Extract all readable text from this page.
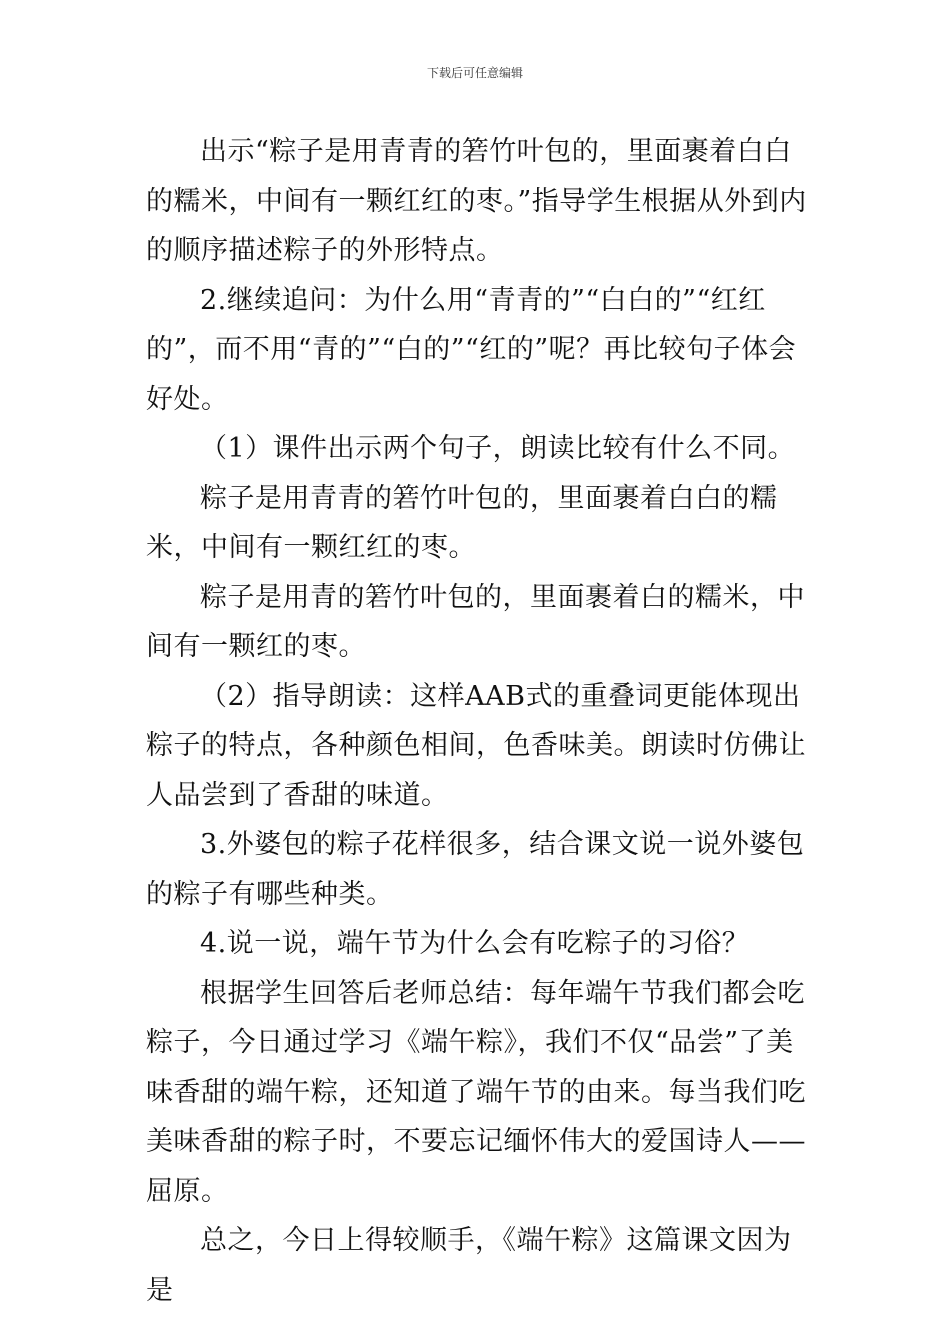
下载后可任意编辑

出示“粽子是用青青的箬竹叶包的，里面裹着白白的糯米，中间有一颗红红的枣。”指导学生根据从外到内的顺序描述粽子的外形特点。

2.继续追问：为什么用“青青的”“白白的”“红红的”，而不用“青的”“白的”“红的”呢？再比较句子体会好处。

（1）课件出示两个句子，朗读比较有什么不同。

粽子是用青青的箬竹叶包的，里面裹着白白的糯米，中间有一颗红红的枣。

粽子是用青的箬竹叶包的，里面裹着白的糯米，中间有一颗红的枣。

（2）指导朗读：这样AAB式的重叠词更能体现出粽子的特点，各种颜色相间，色香味美。朗读时仿佛让人品尝到了香甜的味道。

3.外婆包的粽子花样很多，结合课文说一说外婆包的粽子有哪些种类。

4.说一说，端午节为什么会有吃粽子的习俗？

根据学生回答后老师总结：每年端午节我们都会吃粽子，今日通过学习《端午粽》，我们不仅“品尝”了美味香甜的端午粽，还知道了端午节的由来。每当我们吃美味香甜的粽子时，不要忘记缅怀伟大的爱国诗人——屈原。

总之，今日上得较顺手，《端午粽》这篇课文因为是
